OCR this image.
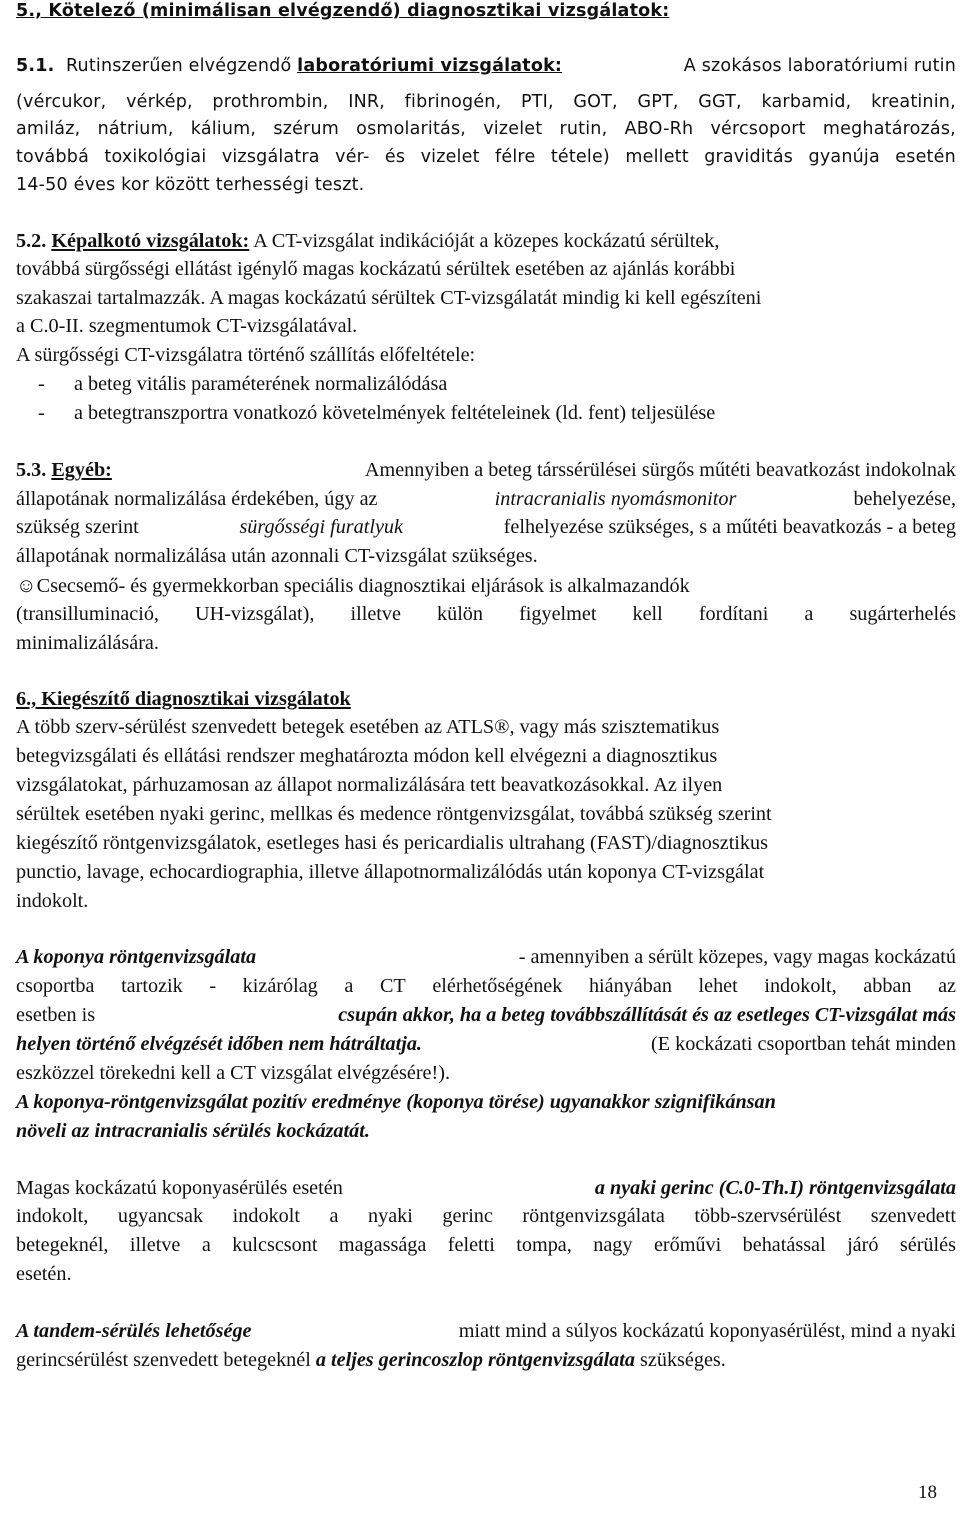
5., Kötelező (minimálisan elvégzendő) diagnosztikai vizsgálatok:
5.1. Rutinszerűen elvégzendő laboratóriumi vizsgálatok:	A szokásos laboratóriumi rutin
(vércukor, vérkép, prothrombin, INR, fibrinogén, PTI, GOT, GPT, GGT, karbamid, kreatinin,
amiláz, nátrium, kálium, szérum osmolaritás, vizelet rutin, ABO-Rh vércsoport meghatározás,
továbbá toxikológiai vizsgálatra vér- és vizelet félre tétele) mellett graviditás gyanúja esetén
14-50 éves kor között terhességi teszt.
5.2. Képalkotó vizsgálatok: A CT-vizsgálat indikációját a közepes kockázatú sérültek,
továbbá sürgősségi ellátást igénylő magas kockázatú sérültek esetében az ajánlás korábbi
szakaszai tartalmazzák. A magas kockázatú sérültek CT-vizsgálatát mindig ki kell egészíteni
a C.0-II. szegmentumok CT-vizsgálatával.
A sürgősségi CT-vizsgálatra történő szállítás előfeltétele:
- a beteg vitális paraméterének normalizálódása
- a betegtranszportra vonatkozó követelmények feltételeinek (ld. fent) teljesülése
5.3. Egyéb:	Amennyiben a beteg társsérülései sürgős műtéti beavatkozást indokolnak
állapotának normalizálása érdekében, úgy az	intracranialis nyomásmonitor	behelyezése,
szükség szerint	sürgősségi furatlyuk	felhelyezése szükséges, s a műtéti beavatkozás - a beteg
állapotának normalizálása után azonnali CT-vizsgálat szükséges.
☺Csecsemő- és gyermekkorban speciális diagnosztikai eljárások is alkalmazandók
(transilluminació, UH-vizsgálat), illetve külön figyelmet kell fordítani a sugárterhelés
minimalizálására.
6., Kiegészítő diagnosztikai vizsgálatok
A több szerv-sérülést szenvedett betegek esetében az ATLS®, vagy más szisztematikus
betegvizsgálati és ellátási rendszer meghatározta módon kell elvégezni a diagnosztikus
vizsgálatokat, párhuzamosan az állapot normalizálására tett beavatkozásokkal. Az ilyen
sérültek esetében nyaki gerinc, mellkas és medence röntgenvizsgálat, továbbá szükség szerint
kiegészítő röntgenvizsgálatok, esetleges hasi és pericardialis ultrahang (FAST)/diagnosztikus
punctio, lavage, echocardiographia, illetve állapotnormalizálódás után koponya CT-vizsgálat
indokolt.
A koponya röntgenvizsgálata	- amennyiben a sérült közepes, vagy magas kockázatú
csoportba tartozik - kizárólag a CT elérhetőségének hiányában lehet indokolt, abban az
esetben is	csupán akkor, ha a beteg továbbszállítását és az esetleges CT-vizsgálat más
helyen történő elvégzését időben nem hátráltatja.	(E kockázati csoportban tehát minden
eszközzel törekedni kell a CT vizsgálat elvégzésére!).
A koponya-röntgenvizsgálat pozitív eredménye (koponya törése) ugyanakkor szignifikánsan
növeli az intracranialis sérülés kockázatát.
Magas kockázatú koponyasérülés esetén	a nyaki gerinc (C.0-Th.I) röntgenvizsgálata
indokolt, ugyancsak indokolt a nyaki gerinc röntgenvizsgálata több-szervsérülést szenvedett
betegeknél, illetve a kulcscsont magassága feletti tompa, nagy erőművi behatással járó sérülés
esetén.
A tandem-sérülés lehetősége	miatt mind a súlyos kockázatú koponyasérülést, mind a nyaki
gerincsérülést szenvedett betegeknél a teljes gerincoszlop röntgenvizsgálata szükséges.
18
